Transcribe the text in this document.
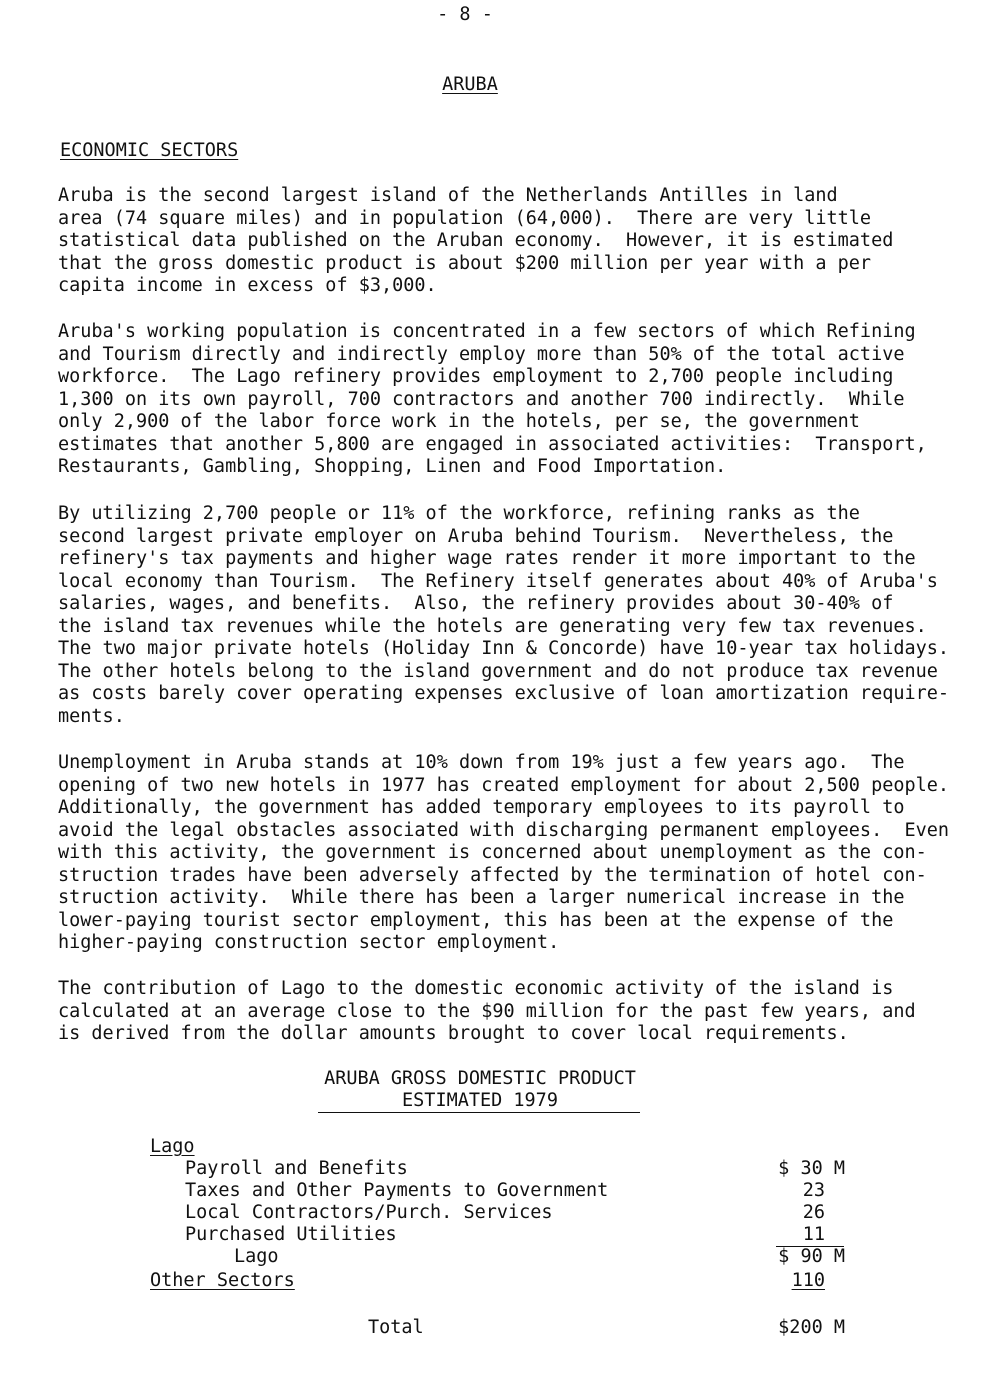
- 8 -
ARUBA
ECONOMIC SECTORS
Aruba is the second largest island of the Netherlands Antilles in land
area (74 square miles) and in population (64,000).  There are very little
statistical data published on the Aruban economy.  However, it is estimated
that the gross domestic product is about $200 million per year with a per
capita income in excess of $3,000.
Aruba's working population is concentrated in a few sectors of which Refining
and Tourism directly and indirectly employ more than 50% of the total active
workforce.  The Lago refinery provides employment to 2,700 people including
1,300 on its own payroll, 700 contractors and another 700 indirectly.  While
only 2,900 of the labor force work in the hotels, per se, the government
estimates that another 5,800 are engaged in associated activities:  Transport,
Restaurants, Gambling, Shopping, Linen and Food Importation.
By utilizing 2,700 people or 11% of the workforce, refining ranks as the
second largest private employer on Aruba behind Tourism.  Nevertheless, the
refinery's tax payments and higher wage rates render it more important to the
local economy than Tourism.  The Refinery itself generates about 40% of Aruba's
salaries, wages, and benefits.  Also, the refinery provides about 30-40% of
the island tax revenues while the hotels are generating very few tax revenues.
The two major private hotels (Holiday Inn & Concorde) have 10-year tax holidays.
The other hotels belong to the island government and do not produce tax revenue
as costs barely cover operating expenses exclusive of loan amortization require-
ments.
Unemployment in Aruba stands at 10% down from 19% just a few years ago.  The
opening of two new hotels in 1977 has created employment for about 2,500 people.
Additionally, the government has added temporary employees to its payroll to
avoid the legal obstacles associated with discharging permanent employees.  Even
with this activity, the government is concerned about unemployment as the con-
struction trades have been adversely affected by the termination of hotel con-
struction activity.  While there has been a larger numerical increase in the
lower-paying tourist sector employment, this has been at the expense of the
higher-paying construction sector employment.
The contribution of Lago to the domestic economic activity of the island is
calculated at an average close to the $90 million for the past few years, and
is derived from the dollar amounts brought to cover local requirements.
ARUBA GROSS DOMESTIC PRODUCT
ESTIMATED 1979
Lago
Payroll and Benefits	$ 30 M
Taxes and Other Payments to Government	23
Local Contractors/Purch. Services	26
Purchased Utilities	11
Lago	$ 90 M
Other Sectors	110
Total	$200 M
